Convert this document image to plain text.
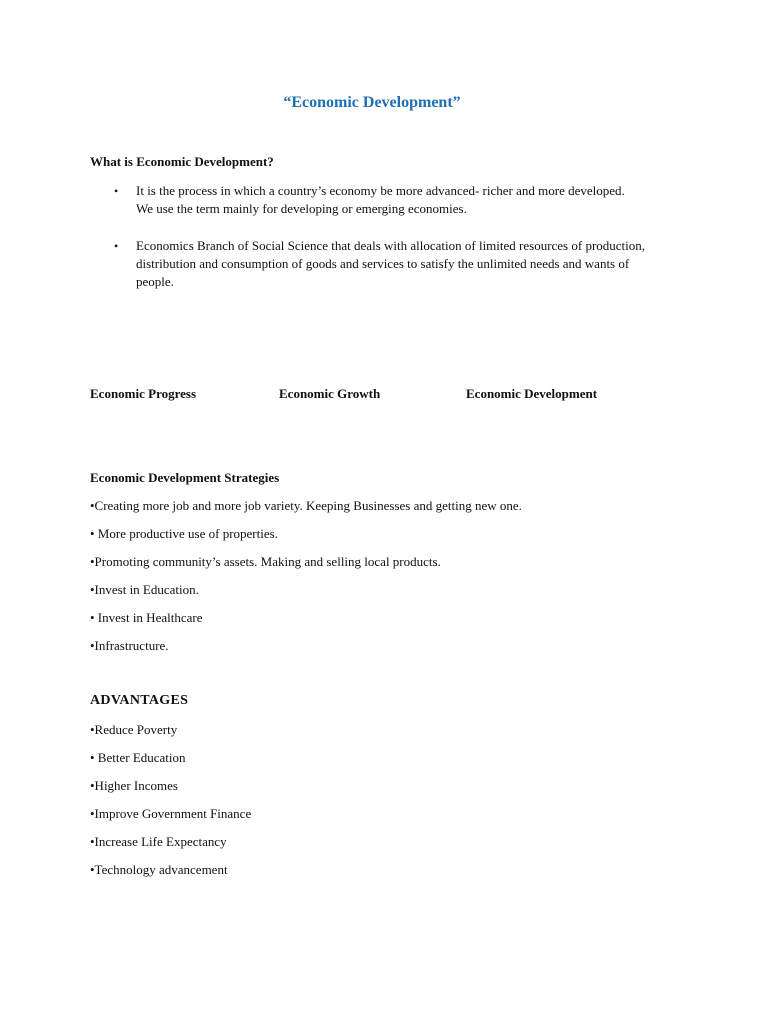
“Economic Development”
What is Economic Development?
•	It is the process in which a country’s economy be more advanced- richer and more developed.
We use the term mainly for developing or emerging economies.
•	Economics Branch of Social Science that deals with allocation of limited resources of production,
distribution and consumption of goods and services to satisfy the unlimited needs and wants of
people.
Economic Progress	Economic Growth	Economic Development
Economic Development Strategies
•Creating more job and more job variety. Keeping Businesses and getting new one.
• More productive use of properties.
•Promoting community’s assets. Making and selling local products.
•Invest in Education.
• Invest in Healthcare
•Infrastructure.
ADVANTAGES
•Reduce Poverty
• Better Education
•Higher Incomes
•Improve Government Finance
•Increase Life Expectancy
•Technology advancement
